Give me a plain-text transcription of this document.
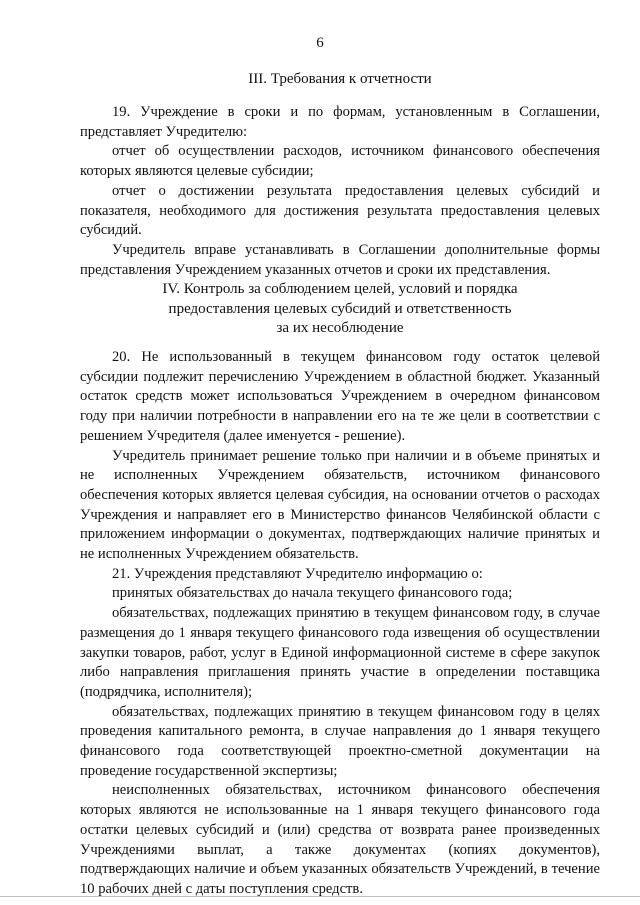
6
III. Требования к отчетности

19. Учреждение в сроки и по формам, установленным в Соглашении, представляет Учредителю:

отчет об осуществлении расходов, источником финансового обеспечения которых являются целевые субсидии;

отчет о достижении результата предоставления целевых субсидий и показателя, необходимого для достижения результата предоставления целевых субсидий.

Учредитель вправе устанавливать в Соглашении дополнительные формы представления Учреждением указанных отчетов и сроки их представления.

IV. Контроль за соблюдением целей, условий и порядка
предоставления целевых субсидий и ответственность
за их несоблюдение

20. Не использованный в текущем финансовом году остаток целевой субсидии подлежит перечислению Учреждением в областной бюджет. Указанный остаток средств может использоваться Учреждением в очередном финансовом году при наличии потребности в направлении его на те же цели в соответствии с решением Учредителя (далее именуется - решение).

Учредитель принимает решение только при наличии и в объеме принятых и не исполненных Учреждением обязательств, источником финансового обеспечения которых является целевая субсидия, на основании отчетов о расходах Учреждения и направляет его в Министерство финансов Челябинской области с приложением информации о документах, подтверждающих наличие принятых и не исполненных Учреждением обязательств.

21. Учреждения представляют Учредителю информацию о:

принятых обязательствах до начала текущего финансового года;

обязательствах, подлежащих принятию в текущем финансовом году, в случае размещения до 1 января текущего финансового года извещения об осуществлении закупки товаров, работ, услуг в Единой информационной системе в сфере закупок либо направления приглашения принять участие в определении поставщика (подрядчика, исполнителя);

обязательствах, подлежащих принятию в текущем финансовом году в целях проведения капитального ремонта, в случае направления до 1 января текущего финансового года соответствующей проектно-сметной документации на проведение государственной экспертизы;

неисполненных обязательствах, источником финансового обеспечения которых являются не использованные на 1 января текущего финансового года остатки целевых субсидий и (или) средства от возврата ранее произведенных Учреждениями выплат, а также документах (копиях документов), подтверждающих наличие и объем указанных обязательств Учреждений, в течение 10 рабочих дней с даты поступления средств.
